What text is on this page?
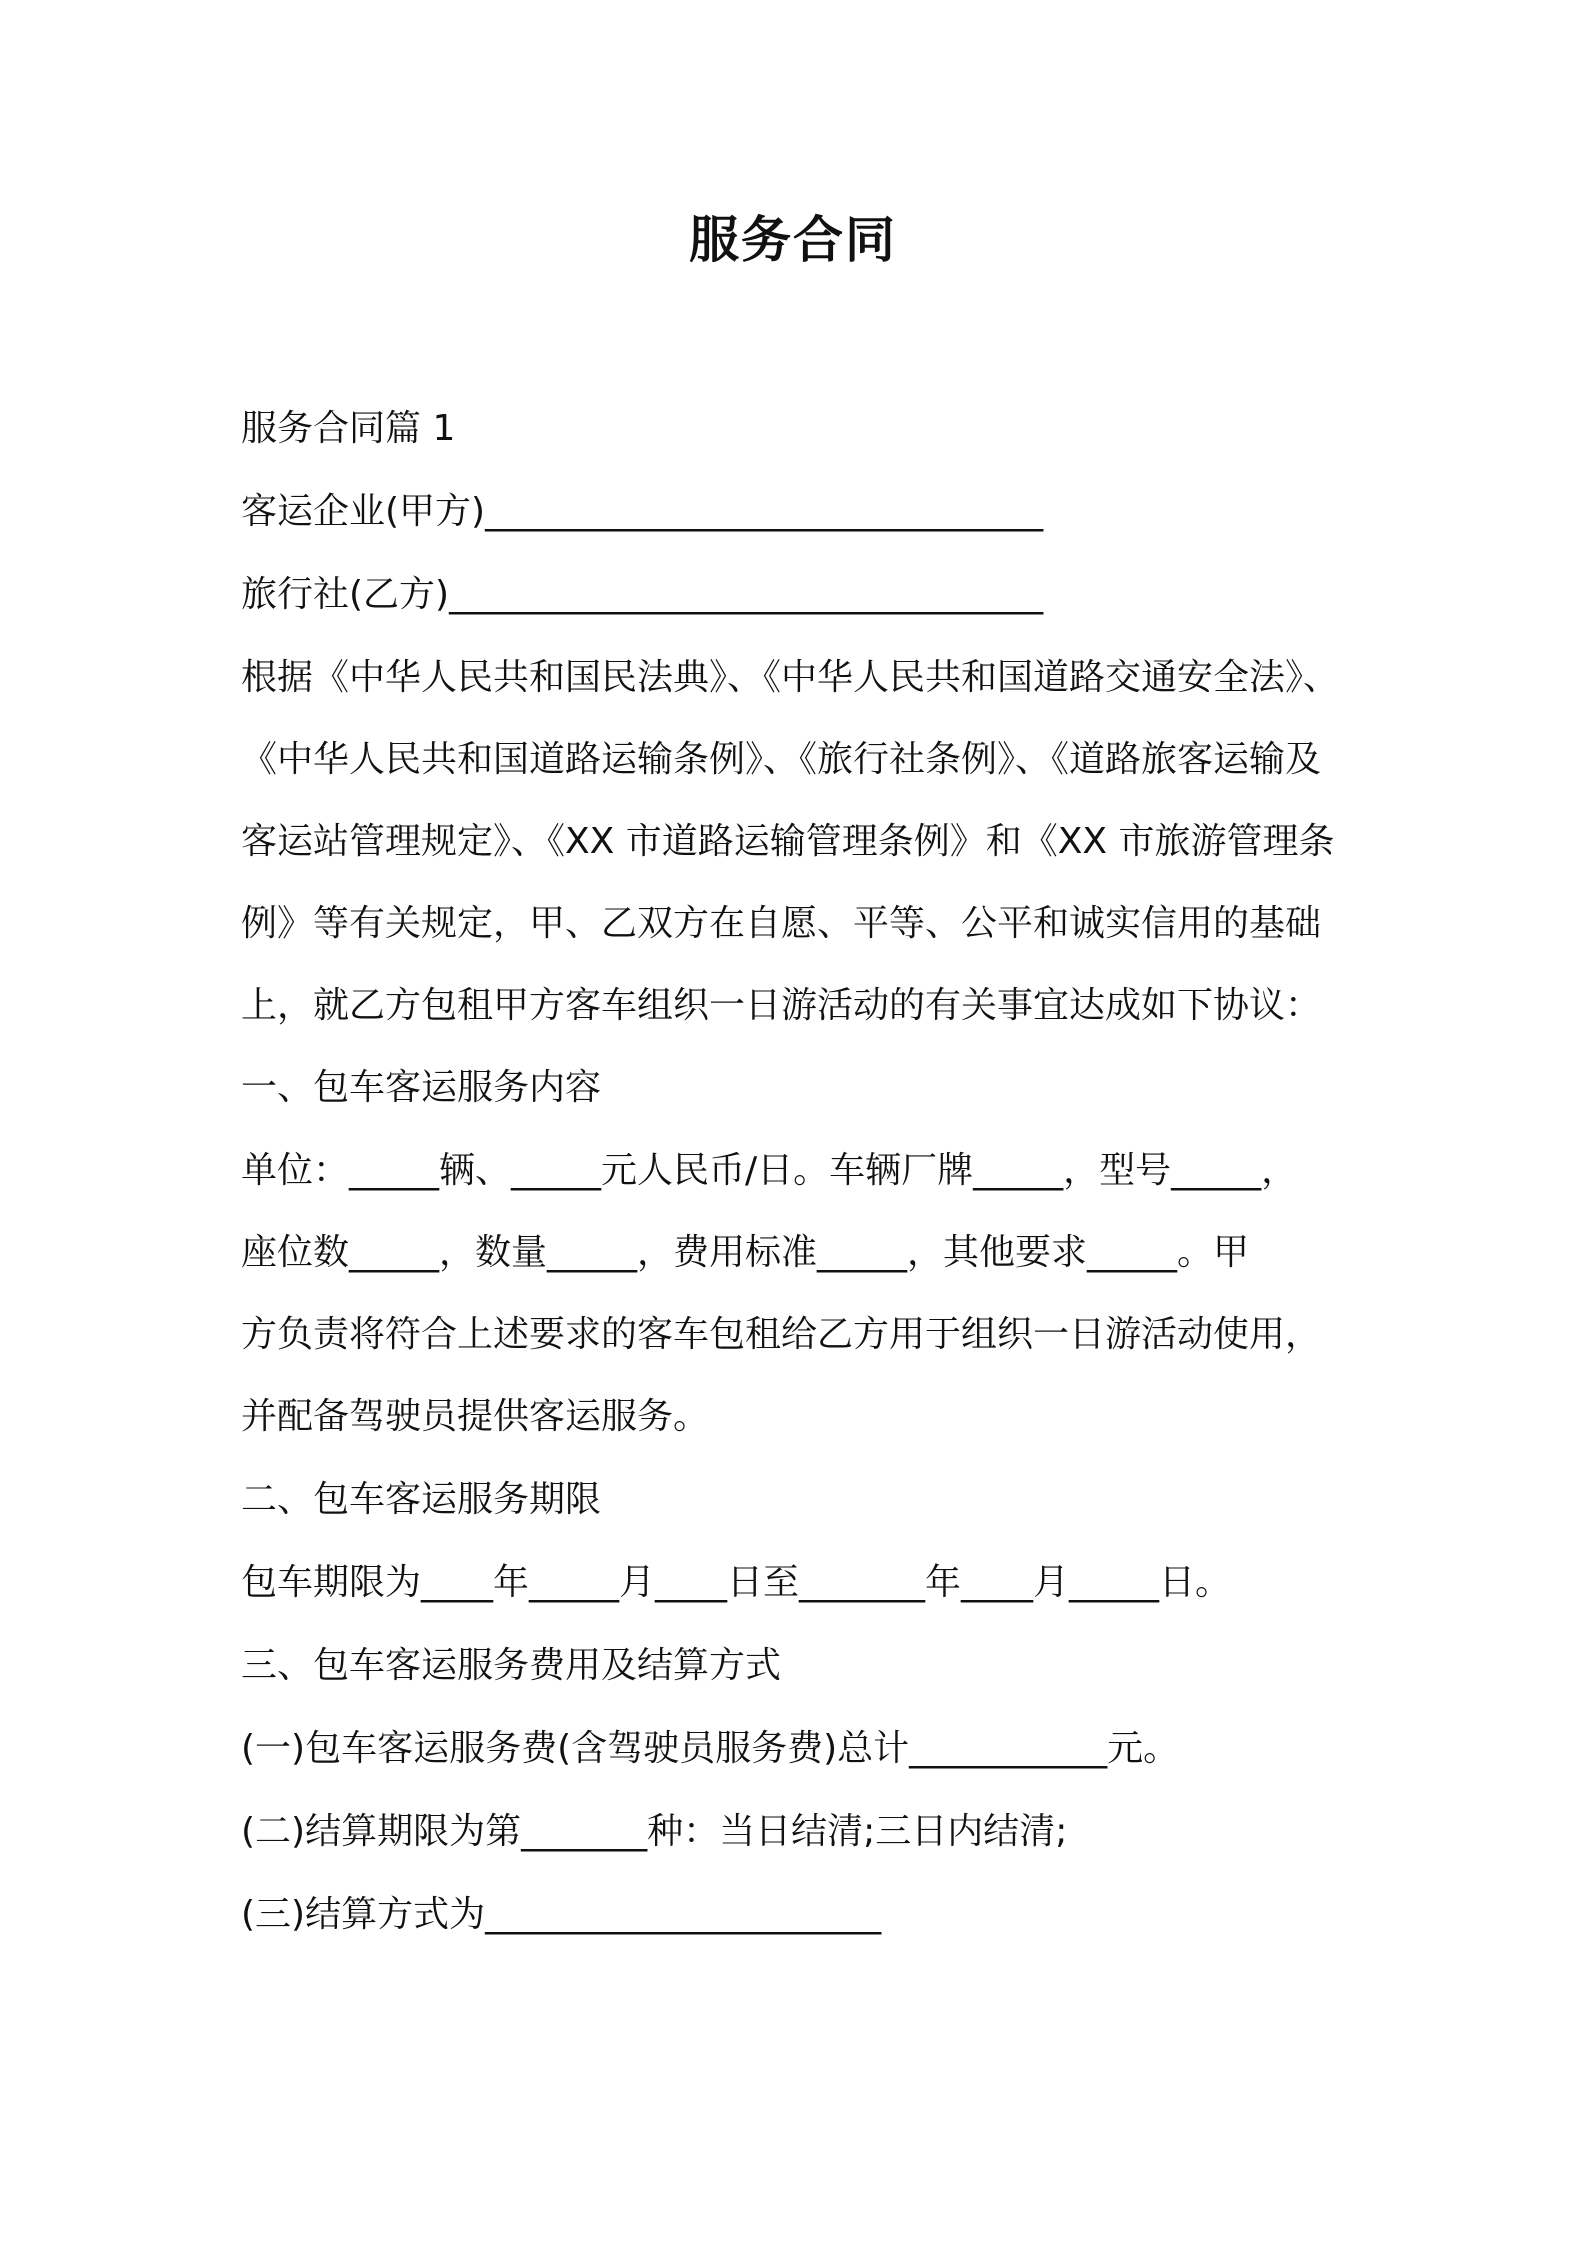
服务合同
服务合同篇 1
客运企业(甲方)_______________________________
旅行社(乙方)_________________________________
根据《中华人民共和国民法典》、《中华人民共和国道路交通安全法》、
《中华人民共和国道路运输条例》、《旅行社条例》、《道路旅客运输及
客运站管理规定》、《XX 市道路运输管理条例》和《XX 市旅游管理条
例》等有关规定，甲、乙双方在自愿、平等、公平和诚实信用的基础
上，就乙方包租甲方客车组织一日游活动的有关事宜达成如下协议：
一、包车客运服务内容
单位：_____辆、_____元人民币/日。车辆厂牌_____，型号_____，
座位数_____，数量_____，费用标准_____，其他要求_____。甲
方负责将符合上述要求的客车包租给乙方用于组织一日游活动使用，
并配备驾驶员提供客运服务。
二、包车客运服务期限
包车期限为____年_____月____日至_______年____月_____日。
三、包车客运服务费用及结算方式
(一)包车客运服务费(含驾驶员服务费)总计___________元。
(二)结算期限为第_______种：当日结清;三日内结清;
(三)结算方式为______________________
